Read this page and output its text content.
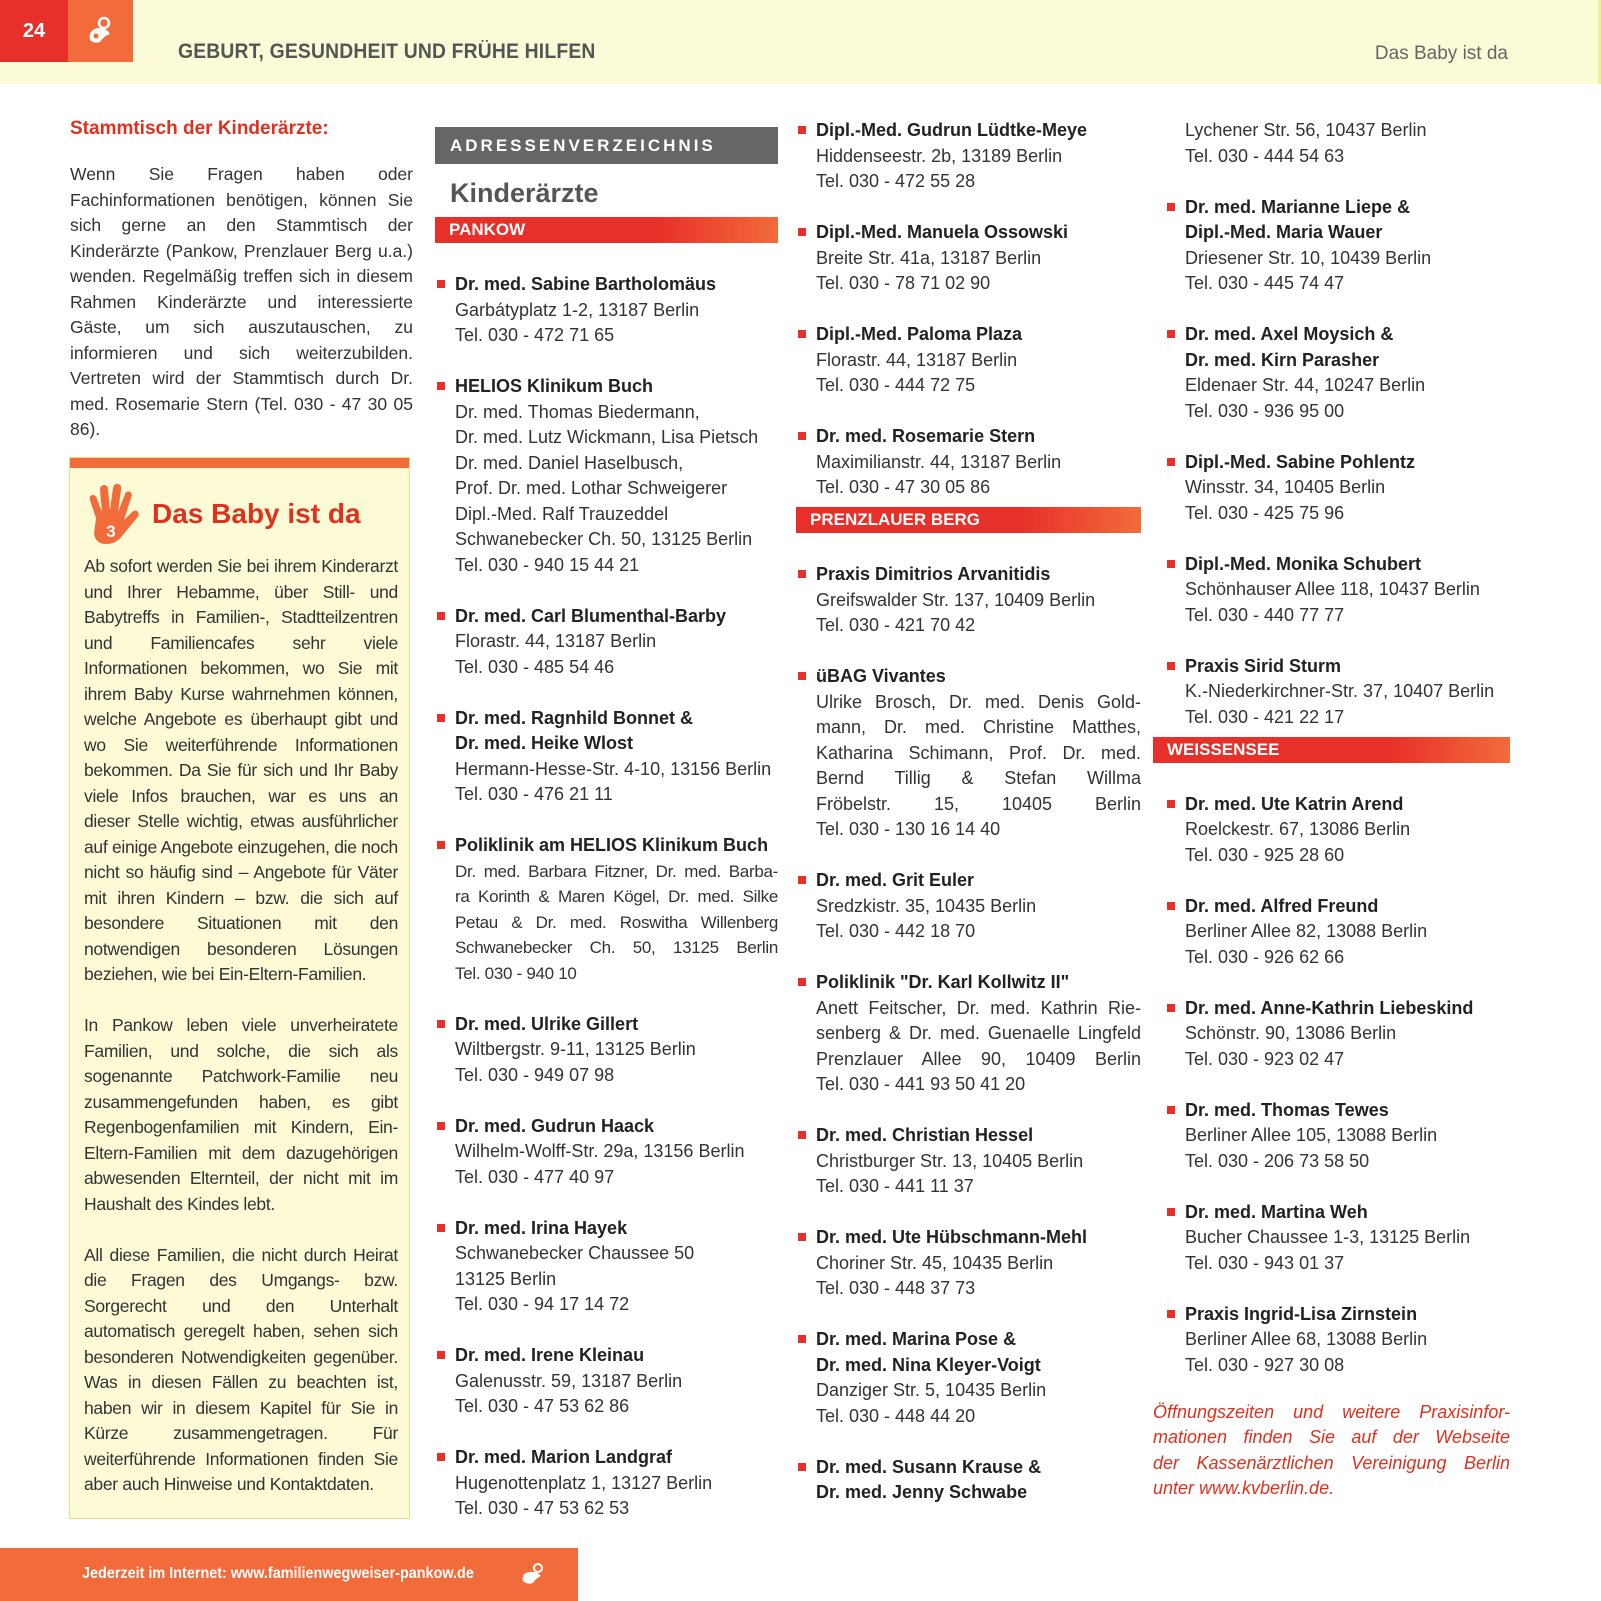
24
GEBURT, GESUNDHEIT UND FRÜHE HILFEN	Das Baby ist da
Stammtisch der Kinderärzte:

Wenn Sie Fragen haben oder Fachinformationen benötigen, können Sie sich gerne an den Stammtisch der Kinderärzte (Pankow, Prenzlauer Berg u.a.) wenden. Regelmäßig treffen sich in diesem Rahmen Kinderärzte und interessierte Gäste, um sich auszutauschen, zu informieren und sich weiterzubilden. Vertreten wird der Stammtisch durch Dr. med. Rosemarie Stern (Tel. 030 - 47 30 05 86).

3
Das Baby ist da

Ab sofort werden Sie bei ihrem Kinderarzt und Ihrer Hebamme, über Still- und Babytreffs in Familien-, Stadtteilzentren und Familiencafes sehr viele Informationen bekommen, wo Sie mit ihrem Baby Kurse wahrnehmen können, welche Angebote es überhaupt gibt und wo Sie weiterführende Informationen bekommen. Da Sie für sich und Ihr Baby viele Infos brauchen, war es uns an dieser Stelle wichtig, etwas ausführlicher auf einige Angebote einzugehen, die noch nicht so häufig sind – Angebote für Väter mit ihren Kindern – bzw. die sich auf besondere Situationen mit den notwendigen besonderen Lösungen beziehen, wie bei Ein-Eltern-Familien.

In Pankow leben viele unverheiratete Familien, und solche, die sich als sogenannte Patchwork-Familie neu zusammengefunden haben, es gibt Regenbogenfamilien mit Kindern, Ein-Eltern-Familien mit dem dazugehörigen abwesenden Elternteil, der nicht mit im Haushalt des Kindes lebt.

All diese Familien, die nicht durch Heirat die Fragen des Umgangs- bzw. Sorgerecht und den Unterhalt automatisch geregelt haben, sehen sich besonderen Notwendigkeiten gegenüber. Was in diesen Fällen zu beachten ist, haben wir in diesem Kapitel für Sie in Kürze zusammengetragen. Für weiterführende Informationen finden Sie aber auch Hinweise und Kontaktdaten.

ADRESSENVERZEICHNIS
Kinderärzte
PANKOW
Dr. med. Sabine Bartholomäus
Garbátyplatz 1-2, 13187 Berlin
Tel. 030 - 472 71 65
HELIOS Klinikum Buch
Dr. med. Thomas Biedermann,
Dr. med. Lutz Wickmann, Lisa Pietsch
Dr. med. Daniel Haselbusch,
Prof. Dr. med. Lothar Schweigerer
Dipl.-Med. Ralf Trauzeddel
Schwanebecker Ch. 50, 13125 Berlin
Tel. 030 - 940 15 44 21
Dr. med. Carl Blumenthal-Barby
Florastr. 44, 13187 Berlin
Tel. 030 - 485 54 46
Dr. med. Ragnhild Bonnet &
Dr. med. Heike Wlost
Hermann-Hesse-Str. 4-10, 13156 Berlin
Tel. 030 - 476 21 11
Poliklinik am HELIOS Klinikum Buch
Dr. med. Barbara Fitzner, Dr. med. Barba-
ra Korinth & Maren Kögel, Dr. med. Silke
Petau & Dr. med. Roswitha Willenberg
Schwanebecker Ch. 50, 13125 Berlin
Tel. 030 - 940 10
Dr. med. Ulrike Gillert
Wiltbergstr. 9-11, 13125 Berlin
Tel. 030 - 949 07 98
Dr. med. Gudrun Haack
Wilhelm-Wolff-Str. 29a, 13156 Berlin
Tel. 030 - 477 40 97
Dr. med. Irina Hayek
Schwanebecker Chaussee 50
13125 Berlin
Tel. 030 - 94 17 14 72
Dr. med. Irene Kleinau
Galenusstr. 59, 13187 Berlin
Tel. 030 - 47 53 62 86
Dr. med. Marion Landgraf
Hugenottenplatz 1, 13127 Berlin
Tel. 030 - 47 53 62 53
Dipl.-Med. Gudrun Lüdtke-Meye
Hiddenseestr. 2b, 13189 Berlin
Tel. 030 - 472 55 28
Dipl.-Med. Manuela Ossowski
Breite Str. 41a, 13187 Berlin
Tel. 030 - 78 71 02 90
Dipl.-Med. Paloma Plaza
Florastr. 44, 13187 Berlin
Tel. 030 - 444 72 75
Dr. med. Rosemarie Stern
Maximilianstr. 44, 13187 Berlin
Tel. 030 - 47 30 05 86
PRENZLAUER BERG
Praxis Dimitrios Arvanitidis
Greifswalder Str. 137, 10409 Berlin
Tel. 030 - 421 70 42
üBAG Vivantes
Ulrike Brosch, Dr. med. Denis Gold-
mann, Dr. med. Christine Matthes,
Katharina Schimann, Prof. Dr. med.
Bernd Tillig & Stefan Willma
Fröbelstr. 15, 10405 Berlin
Tel. 030 - 130 16 14 40
Dr. med. Grit Euler
Sredzkistr. 35, 10435 Berlin
Tel. 030 - 442 18 70
Poliklinik "Dr. Karl Kollwitz II"
Anett Feitscher, Dr. med. Kathrin Rie-
senberg & Dr. med. Guenaelle Lingfeld
Prenzlauer Allee 90, 10409 Berlin
Tel. 030 - 441 93 50 41 20
Dr. med. Christian Hessel
Christburger Str. 13, 10405 Berlin
Tel. 030 - 441 11 37
Dr. med. Ute Hübschmann-Mehl
Choriner Str. 45, 10435 Berlin
Tel. 030 - 448 37 73
Dr. med. Marina Pose &
Dr. med. Nina Kleyer-Voigt
Danziger Str. 5, 10435 Berlin
Tel. 030 - 448 44 20
Dr. med. Susann Krause &
Dr. med. Jenny Schwabe
Lychener Str. 56, 10437 Berlin
Tel. 030 - 444 54 63
Dr. med. Marianne Liepe &
Dipl.-Med. Maria Wauer
Driesener Str. 10, 10439 Berlin
Tel. 030 - 445 74 47
Dr. med. Axel Moysich &
Dr. med. Kirn Parasher
Eldenaer Str. 44, 10247 Berlin
Tel. 030 - 936 95 00
Dipl.-Med. Sabine Pohlentz
Winsstr. 34, 10405 Berlin
Tel. 030 - 425 75 96
Dipl.-Med. Monika Schubert
Schönhauser Allee 118, 10437 Berlin
Tel. 030 - 440 77 77
Praxis Sirid Sturm
K.-Niederkirchner-Str. 37, 10407 Berlin
Tel. 030 - 421 22 17
WEISSENSEE
Dr. med. Ute Katrin Arend
Roelckestr. 67, 13086 Berlin
Tel. 030 - 925 28 60
Dr. med. Alfred Freund
Berliner Allee 82, 13088 Berlin
Tel. 030 - 926 62 66
Dr. med. Anne-Kathrin Liebeskind
Schönstr. 90, 13086 Berlin
Tel. 030 - 923 02 47
Dr. med. Thomas Tewes
Berliner Allee 105, 13088 Berlin
Tel. 030 - 206 73 58 50
Dr. med. Martina Weh
Bucher Chaussee 1-3, 13125 Berlin
Tel. 030 - 943 01 37
Praxis Ingrid-Lisa Zirnstein
Berliner Allee 68, 13088 Berlin
Tel. 030 - 927 30 08

Öffnungszeiten und weitere Praxisinfor-
mationen finden Sie auf der Webseite
der Kassenärztlichen Vereinigung Berlin
unter www.kvberlin.de.

Jederzeit im Internet: www.familienwegweiser-pankow.de
